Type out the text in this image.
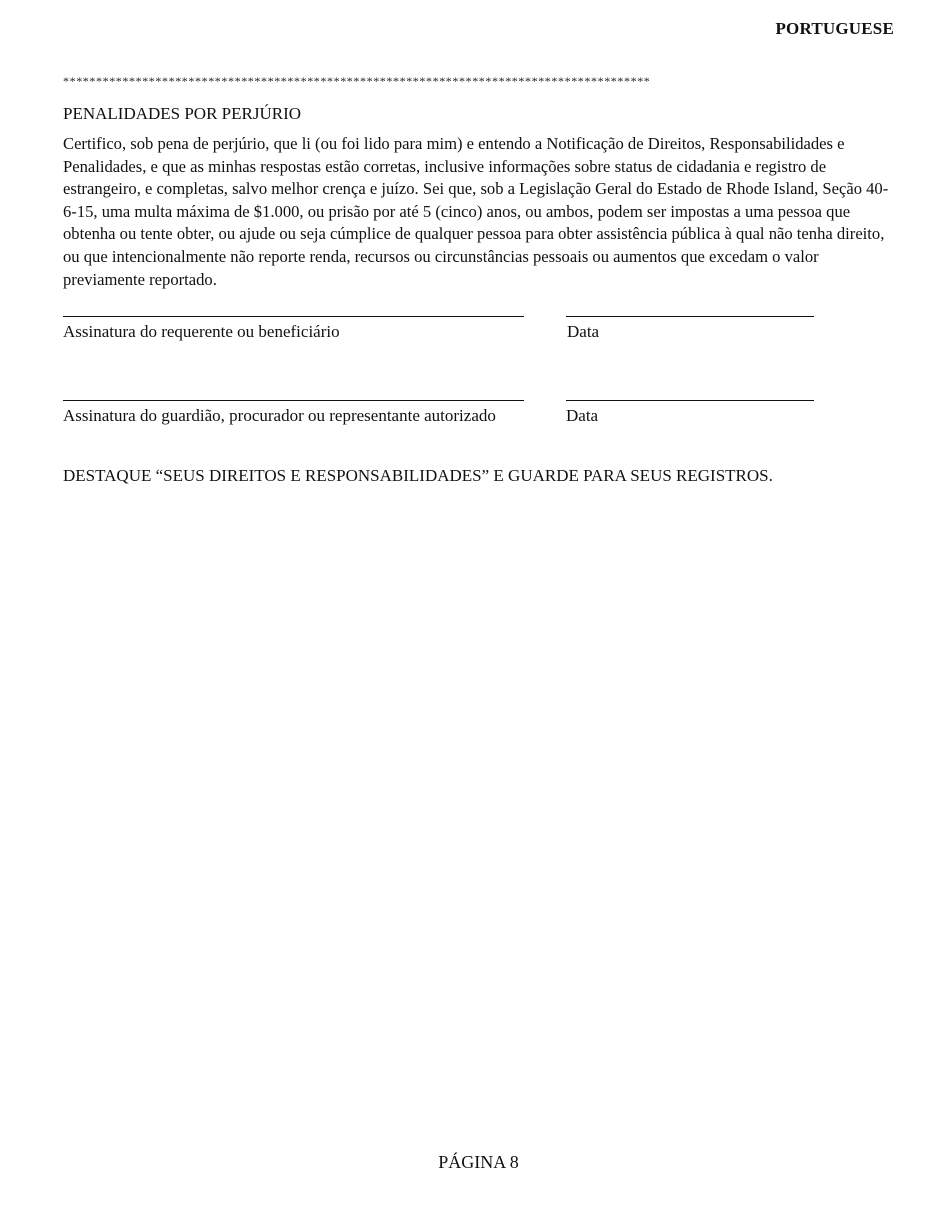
PORTUGUESE
*****************************************************************************************
PENALIDADES POR PERJÚRIO

Certifico, sob pena de perjúrio, que li (ou foi lido para mim) e entendo a Notificação de Direitos, Responsabilidades e Penalidades, e que as minhas respostas estão corretas, inclusive informações sobre status de cidadania e registro de estrangeiro, e completas, salvo melhor crença e juízo. Sei que, sob a Legislação Geral do Estado de Rhode Island, Seção 40-6-15, uma multa máxima de $1.000, ou prisão por até 5 (cinco) anos, ou ambos, podem ser impostas a uma pessoa que obtenha ou tente obter, ou ajude ou seja cúmplice de qualquer pessoa para obter assistência pública à qual não tenha direito, ou que intencionalmente não reporte renda, recursos ou circunstâncias pessoais ou aumentos que excedam o valor previamente reportado.

Assinatura do requerente ou beneficiário	Data
Assinatura do guardião, procurador ou representante autorizado	Data
DESTAQUE “SEUS DIREITOS E RESPONSABILIDADES” E GUARDE PARA SEUS REGISTROS.
PÁGINA 8
